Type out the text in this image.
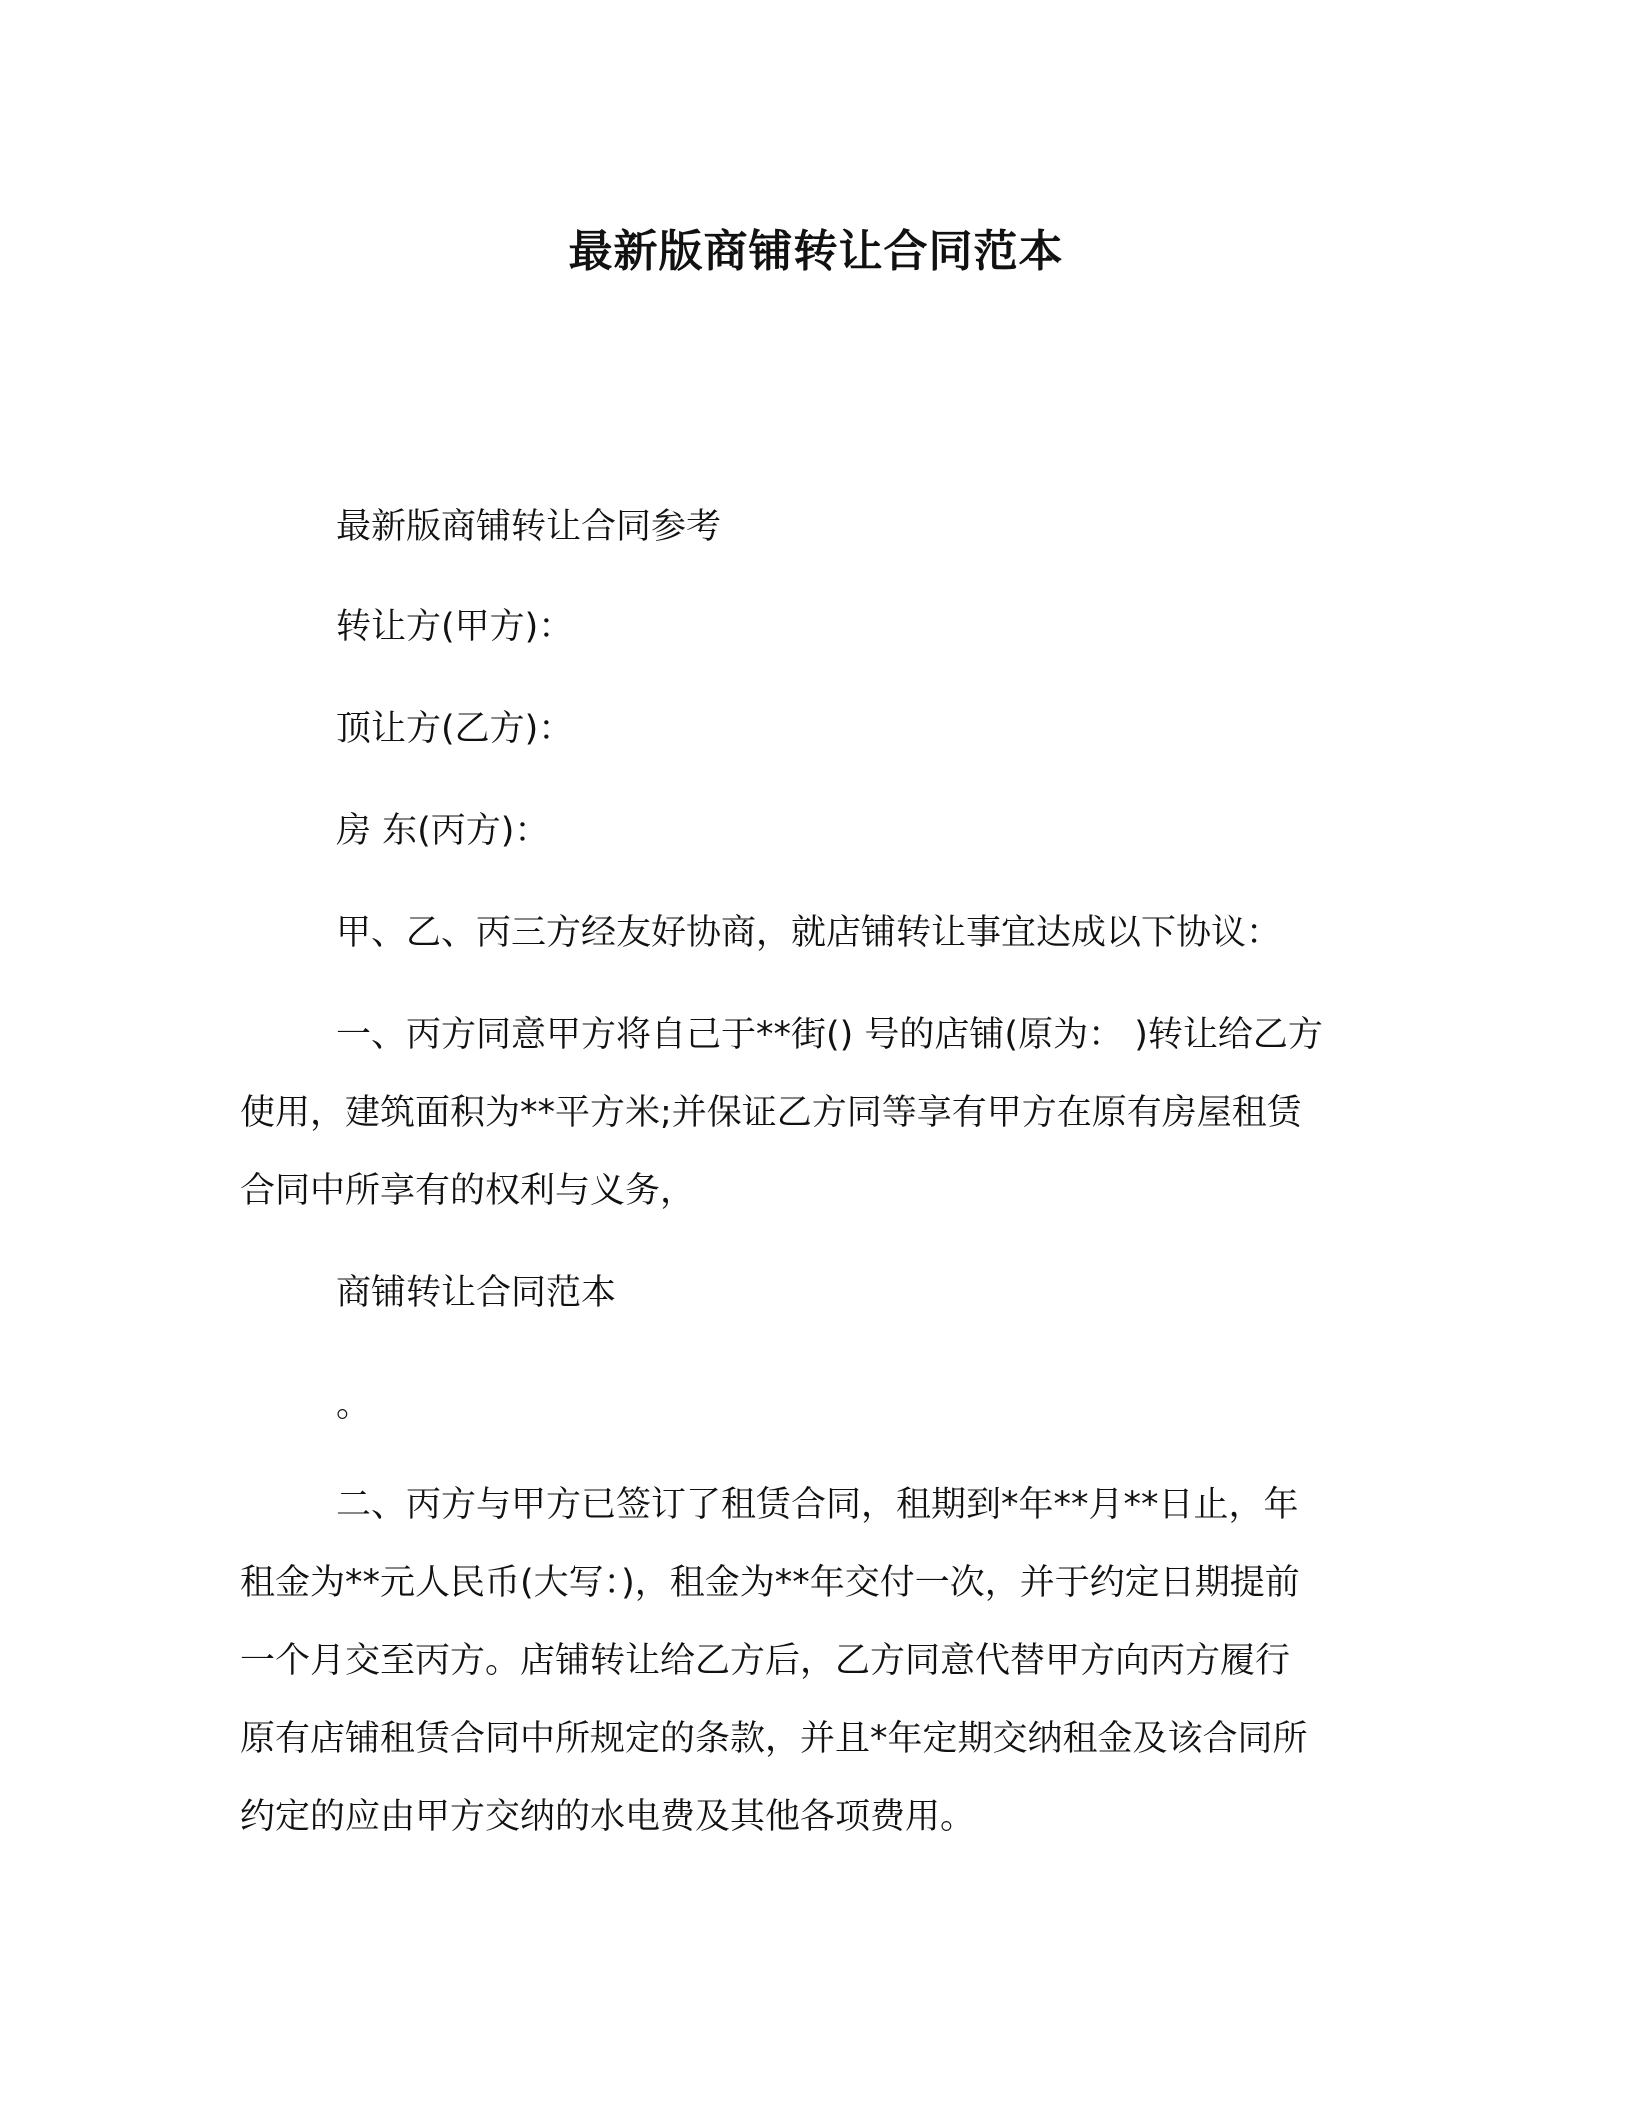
最新版商铺转让合同范本

最新版商铺转让合同参考

转让方(甲方)：

顶让方(乙方)：

房 东(丙方)：

甲、乙、丙三方经友好协商，就店铺转让事宜达成以下协议：

一、丙方同意甲方将自己于**街() 号的店铺(原为： )转让给乙方
使用，建筑面积为**平方米;并保证乙方同等享有甲方在原有房屋租赁
合同中所享有的权利与义务，

商铺转让合同范本

。

二、丙方与甲方已签订了租赁合同，租期到*年**月**日止，年
租金为**元人民币(大写：)，租金为**年交付一次，并于约定日期提前
一个月交至丙方。店铺转让给乙方后，乙方同意代替甲方向丙方履行
原有店铺租赁合同中所规定的条款，并且*年定期交纳租金及该合同所
约定的应由甲方交纳的水电费及其他各项费用。
